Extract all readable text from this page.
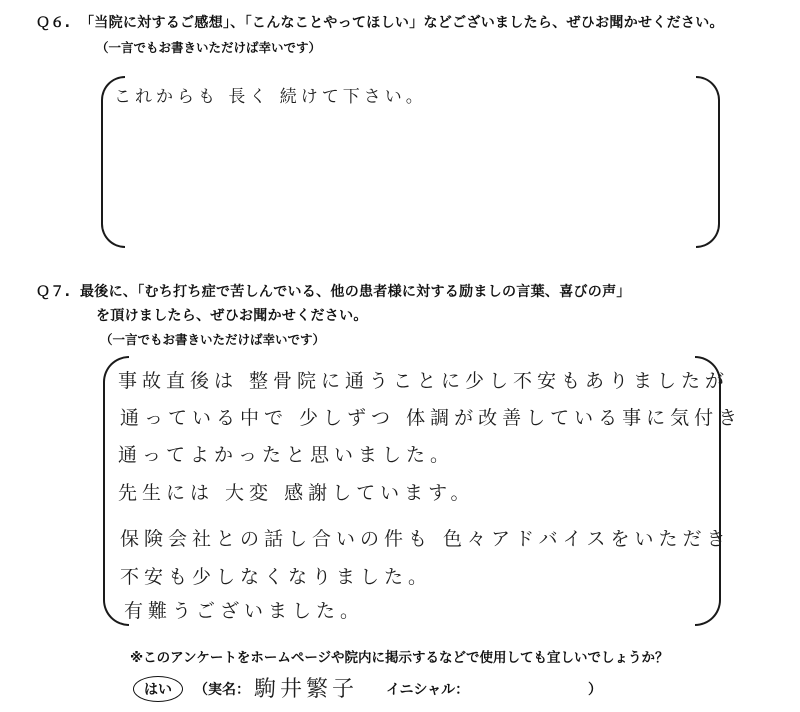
Ｑ６. 「当院に対するご感想」、「こんなことやってほしい」などございましたら、ぜひお聞かせください。
（一言でもお書きいただけば幸いです）
これからも 長く 続けて下さい。
Ｑ７. 最後に、「むち打ち症で苦しんでいる、他の患者様に対する励ましの言葉、喜びの声」
を頂けましたら、ぜひお聞かせください。
（一言でもお書きいただけば幸いです）
事故直後は 整骨院に通うことに少し不安もありましたが
通っている中で 少しずつ 体調が改善している事に気付き
通ってよかったと思いました。
先生には 大変 感謝しています。
保険会社との話し合いの件も 色々アドバイスをいただき
不安も少しなくなりました。
有難うございました。
※このアンケートをホームページや院内に掲示するなどで使用しても宜しいでしょうか？
はい （実名： 駒井繁子 イニシャル：	）
